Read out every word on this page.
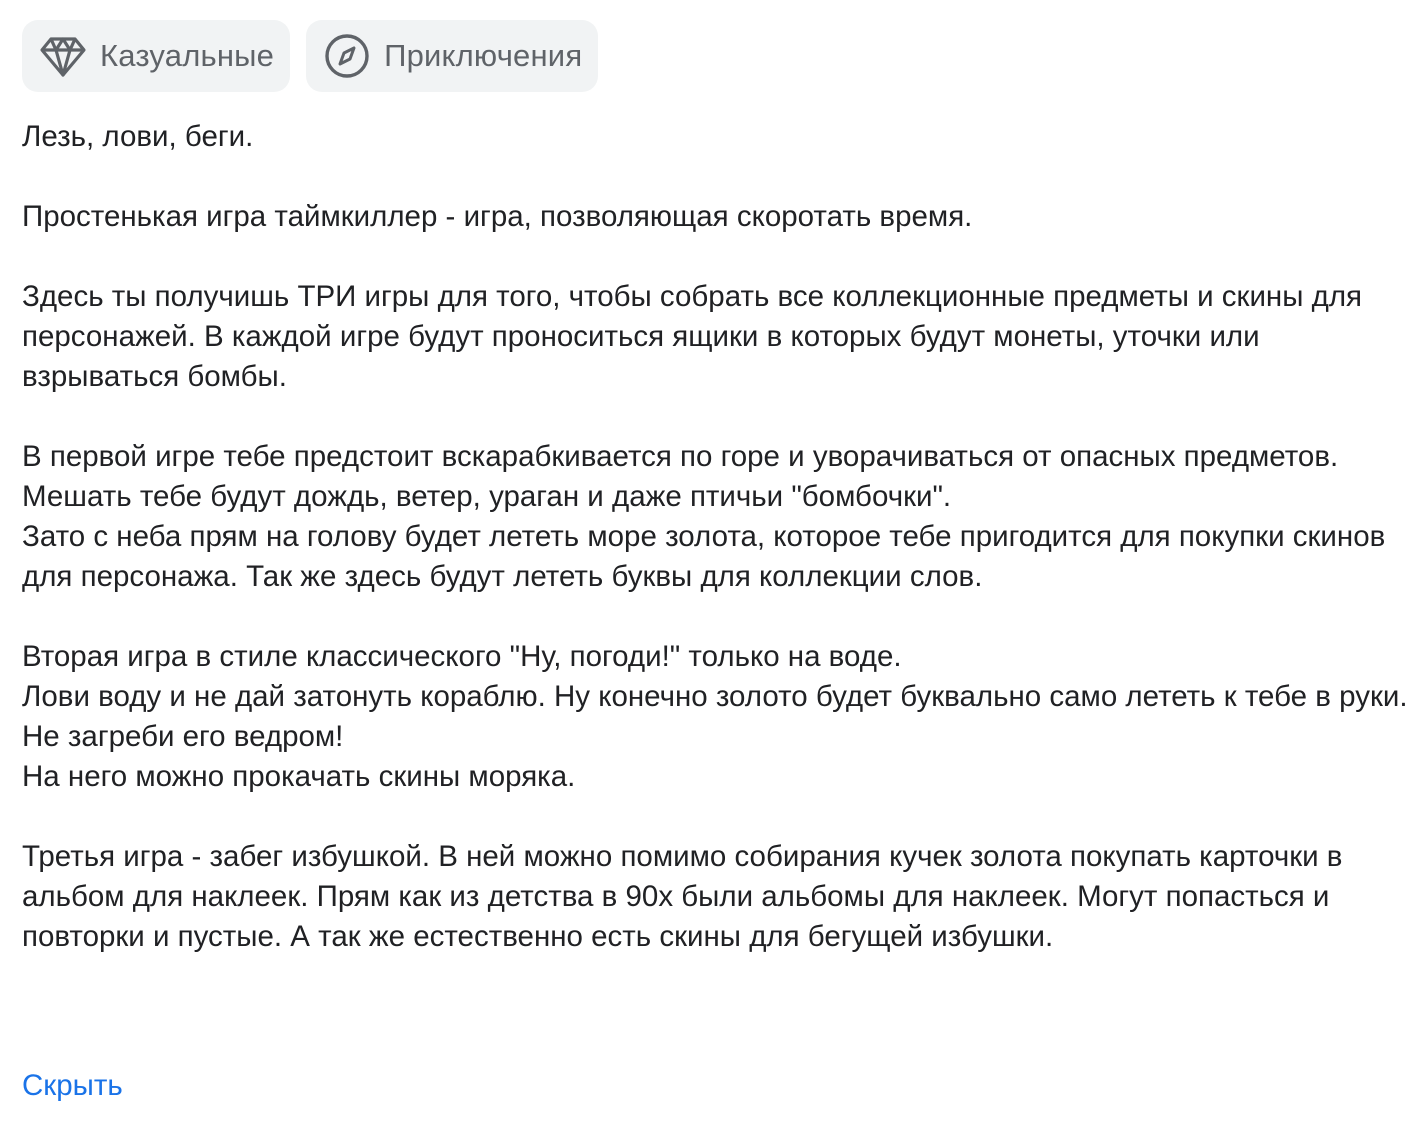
Казуальные	Приключения

Лезь, лови, беги.

Простенькая игра таймкиллер - игра, позволяющая скоротать время.

Здесь ты получишь ТРИ игры для того, чтобы собрать все коллекционные предметы и скины для персонажей. В каждой игре будут проноситься ящики в которых будут монеты, уточки или взрываться бомбы.

В первой игре тебе предстоит вскарабкивается по горе и уворачиваться от опасных предметов.

Мешать тебе будут дождь, ветер, ураган и даже птичьи "бомбочки".

Зато с неба прям на голову будет лететь море золота, которое тебе пригодится для покупки скинов для персонажа. Так же здесь будут лететь буквы для коллекции слов.

Вторая игра в стиле классического "Ну, погоди!" только на воде.

Лови воду и не дай затонуть кораблю. Ну конечно золото будет буквально само лететь к тебе в руки. Не загреби его ведром!

На него можно прокачать скины моряка.

Третья игра - забег избушкой. В ней можно помимо собирания кучек золота покупать карточки в альбом для наклеек. Прям как из детства в 90х были альбомы для наклеек. Могут попасться и повторки и пустые. А так же естественно есть скины для бегущей избушки.

Скрыть
